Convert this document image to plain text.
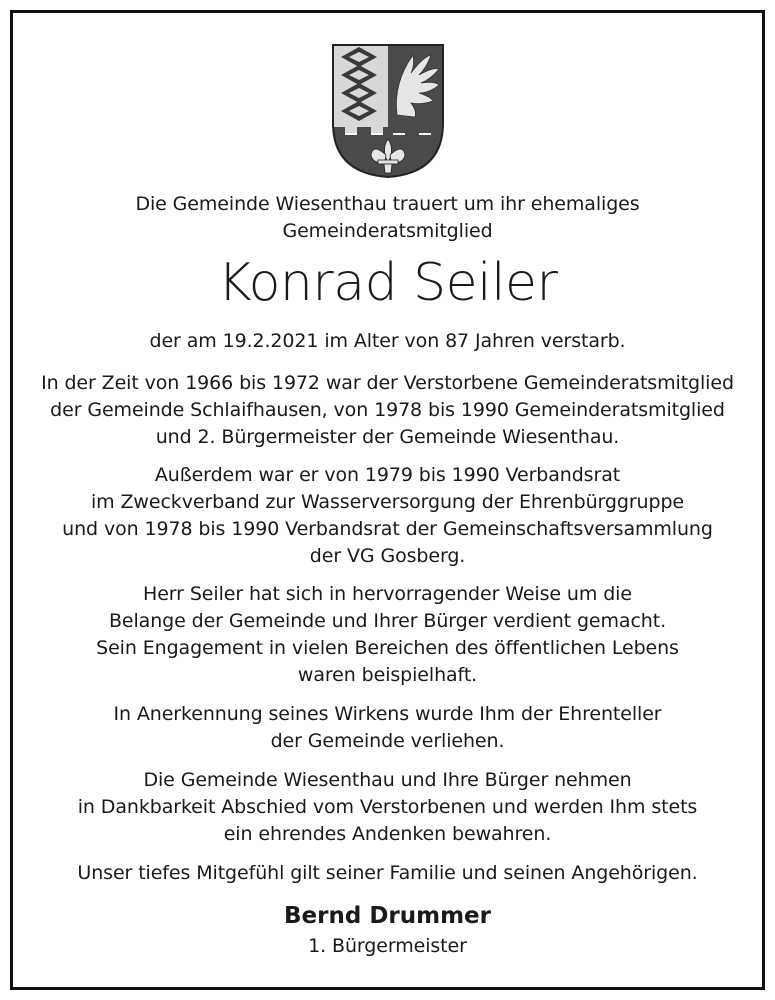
Die Gemeinde Wiesenthau trauert um ihr ehemaliges
Gemeinderatsmitglied
Konrad Seiler
der am 19.2.2021 im Alter von 87 Jahren verstarb.
In der Zeit von 1966 bis 1972 war der Verstorbene Gemeinderatsmitglied
der Gemeinde Schlaifhausen, von 1978 bis 1990 Gemeinderatsmitglied
und 2. Bürgermeister der Gemeinde Wiesenthau.
Außerdem war er von 1979 bis 1990 Verbandsrat
im Zweckverband zur Wasserversorgung der Ehrenbürggruppe
und von 1978 bis 1990 Verbandsrat der Gemeinschaftsversammlung
der VG Gosberg.
Herr Seiler hat sich in hervorragender Weise um die
Belange der Gemeinde und Ihrer Bürger verdient gemacht.
Sein Engagement in vielen Bereichen des öffentlichen Lebens
waren beispielhaft.
In Anerkennung seines Wirkens wurde Ihm der Ehrenteller
der Gemeinde verliehen.
Die Gemeinde Wiesenthau und Ihre Bürger nehmen
in Dankbarkeit Abschied vom Verstorbenen und werden Ihm stets
ein ehrendes Andenken bewahren.
Unser tiefes Mitgefühl gilt seiner Familie und seinen Angehörigen.
Bernd Drummer
1. Bürgermeister
